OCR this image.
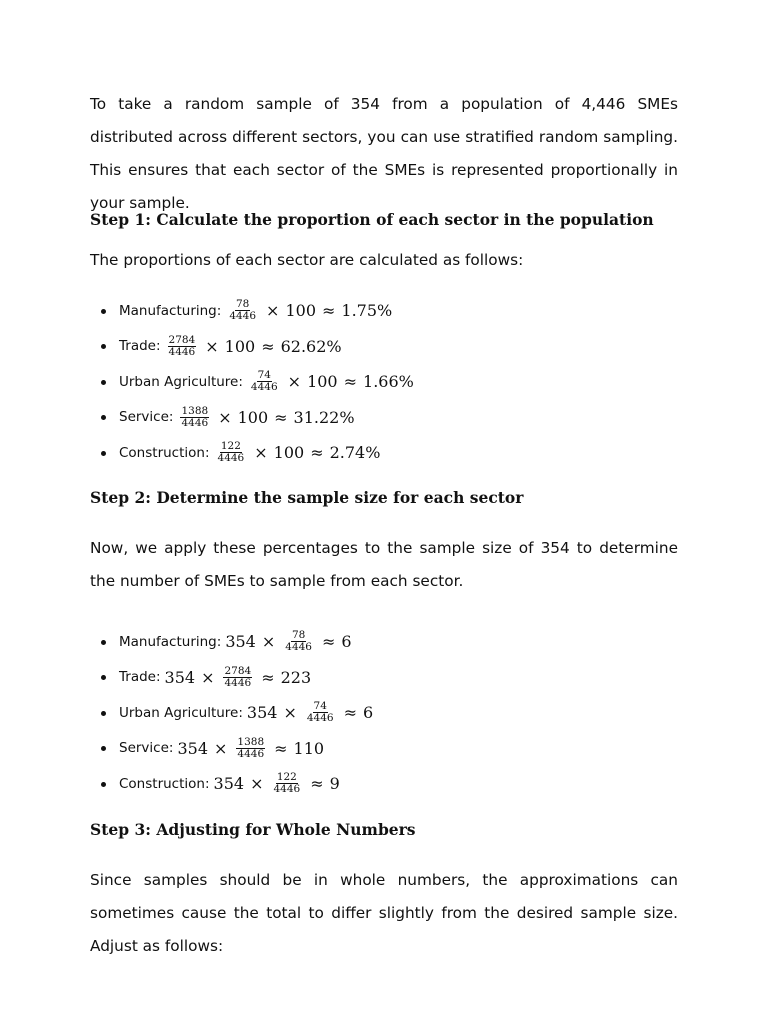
To take a random sample of 354 from a population of 4,446 SMEs distributed across different sectors, you can use stratified random sampling. This ensures that each sector of the SMEs is represented proportionally in your sample.

Step 1: Calculate the proportion of each sector in the population

The proportions of each sector are calculated as follows:

Manufacturing: $\frac{78}{4446} \times 100 \approx 1.75\%$
Trade: $\frac{2784}{4446} \times 100 \approx 62.62\%$
Urban Agriculture: $\frac{74}{4446} \times 100 \approx 1.66\%$
Service: $\frac{1388}{4446} \times 100 \approx 31.22\%$
Construction: $\frac{122}{4446} \times 100 \approx 2.74\%$
Step 2: Determine the sample size for each sector

Now, we apply these percentages to the sample size of 354 to determine the number of SMEs to sample from each sector.

Manufacturing: $354 \times \frac{78}{4446} \approx 6$
Trade: $354 \times \frac{2784}{4446} \approx 223$
Urban Agriculture: $354 \times \frac{74}{4446} \approx 6$
Service: $354 \times \frac{1388}{4446} \approx 110$
Construction: $354 \times \frac{122}{4446} \approx 9$
Step 3: Adjusting for Whole Numbers

Since samples should be in whole numbers, the approximations can sometimes cause the total to differ slightly from the desired sample size. Adjust as follows:
